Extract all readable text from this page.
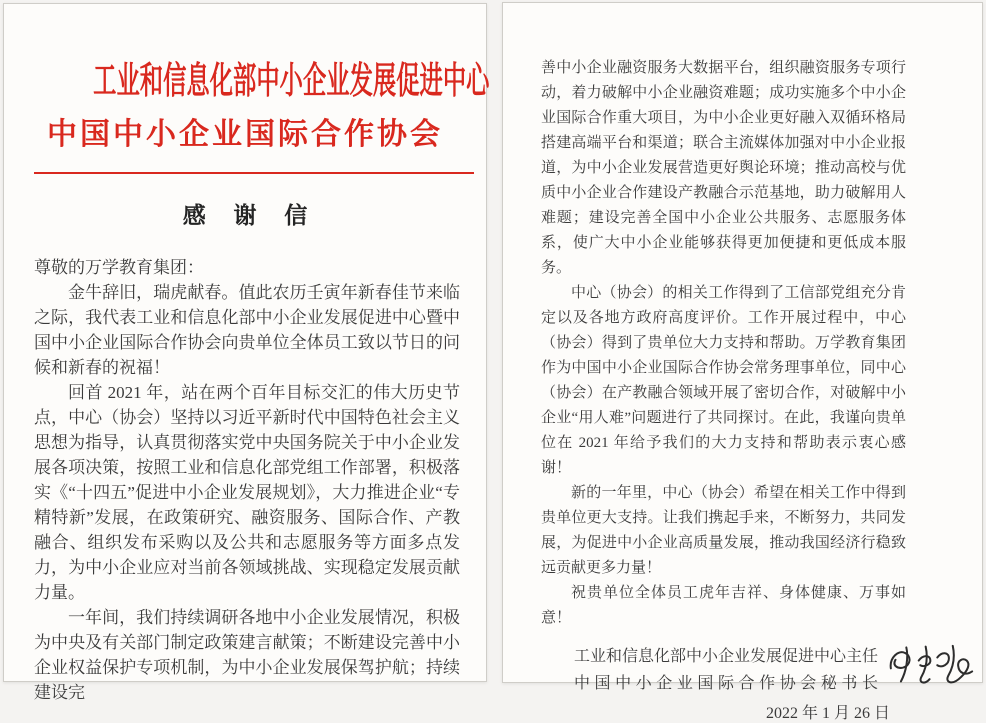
工业和信息化部中小企业发展促进中心
中国中小企业国际合作协会
感 谢 信
尊敬的万学教育集团：

金牛辞旧，瑞虎献春。值此农历壬寅年新春佳节来临之际，我代表工业和信息化部中小企业发展促进中心暨中国中小企业国际合作协会向贵单位全体员工致以节日的问候和新春的祝福！

回首 2021 年，站在两个百年目标交汇的伟大历史节点，中心（协会）坚持以习近平新时代中国特色社会主义思想为指导，认真贯彻落实党中央国务院关于中小企业发展各项决策，按照工业和信息化部党组工作部署，积极落实《“十四五”促进中小企业发展规划》，大力推进企业“专精特新”发展，在政策研究、融资服务、国际合作、产教融合、组织发布采购以及公共和志愿服务等方面多点发力，为中小企业应对当前各领域挑战、实现稳定发展贡献力量。

一年间，我们持续调研各地中小企业发展情况，积极为中央及有关部门制定政策建言献策；不断建设完善中小企业权益保护专项机制，为中小企业发展保驾护航；持续建设完

善中小企业融资服务大数据平台，组织融资服务专项行动，着力破解中小企业融资难题；成功实施多个中小企业国际合作重大项目，为中小企业更好融入双循环格局搭建高端平台和渠道；联合主流媒体加强对中小企业报道，为中小企业发展营造更好舆论环境；推动高校与优质中小企业合作建设产教融合示范基地，助力破解用人难题；建设完善全国中小企业公共服务、志愿服务体系，使广大中小企业能够获得更加便捷和更低成本服务。

中心（协会）的相关工作得到了工信部党组充分肯定以及各地方政府高度评价。工作开展过程中，中心（协会）得到了贵单位大力支持和帮助。万学教育集团作为中国中小企业国际合作协会常务理事单位，同中心（协会）在产教融合领域开展了密切合作，对破解中小企业“用人难”问题进行了共同探讨。在此，我谨向贵单位在 2021 年给予我们的大力支持和帮助表示衷心感谢！

新的一年里，中心（协会）希望在相关工作中得到贵单位更大支持。让我们携起手来，不断努力，共同发展，为促进中小企业高质量发展，推动我国经济行稳致远贡献更多力量！

祝贵单位全体员工虎年吉祥、身体健康、万事如意！

工业和信息化部中小企业发展促进中心主任
中国中小企业国际合作协会秘书长
2022 年 1 月 26 日
